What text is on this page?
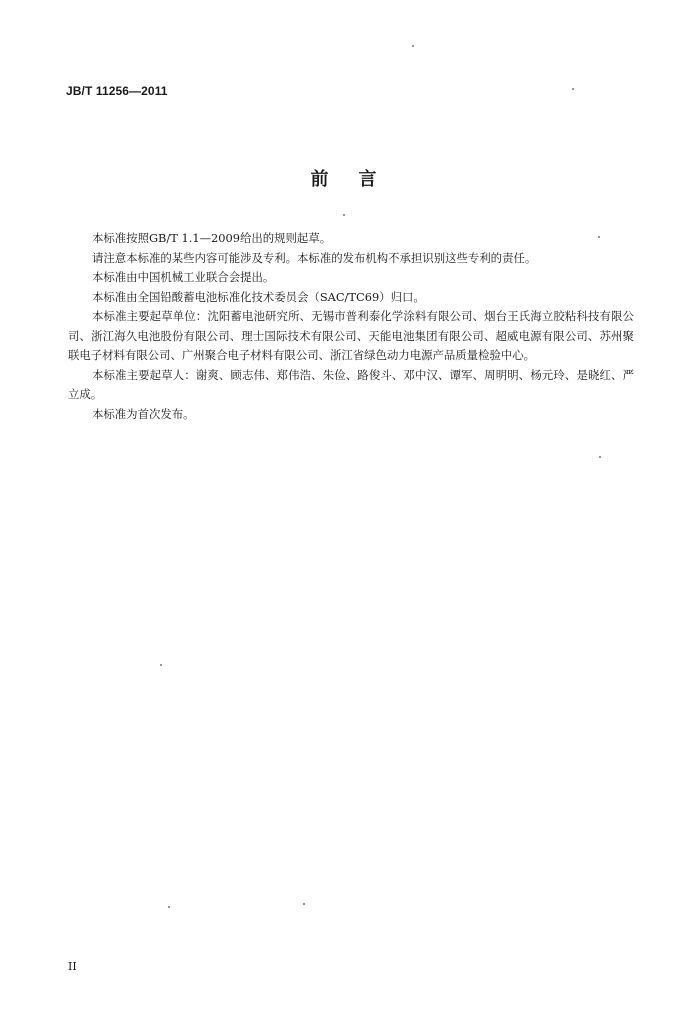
JB/T 11256—2011
前 言

本标准按照GB/T 1.1—2009给出的规则起草。

请注意本标准的某些内容可能涉及专利。本标准的发布机构不承担识别这些专利的责任。

本标准由中国机械工业联合会提出。

本标准由全国铅酸蓄电池标准化技术委员会（SAC/TC69）归口。

本标准主要起草单位：沈阳蓄电池研究所、无锡市普利泰化学涂料有限公司、烟台王氏海立胶粘科技有限公司、浙江海久电池股份有限公司、理士国际技术有限公司、天能电池集团有限公司、超威电源有限公司、苏州聚联电子材料有限公司、广州聚合电子材料有限公司、浙江省绿色动力电源产品质量检验中心。

本标准主要起草人：谢爽、顾志伟、郑伟浩、朱俭、路俊斗、邓中汉、谭军、周明明、杨元玲、是晓红、严立成。

本标准为首次发布。

II
